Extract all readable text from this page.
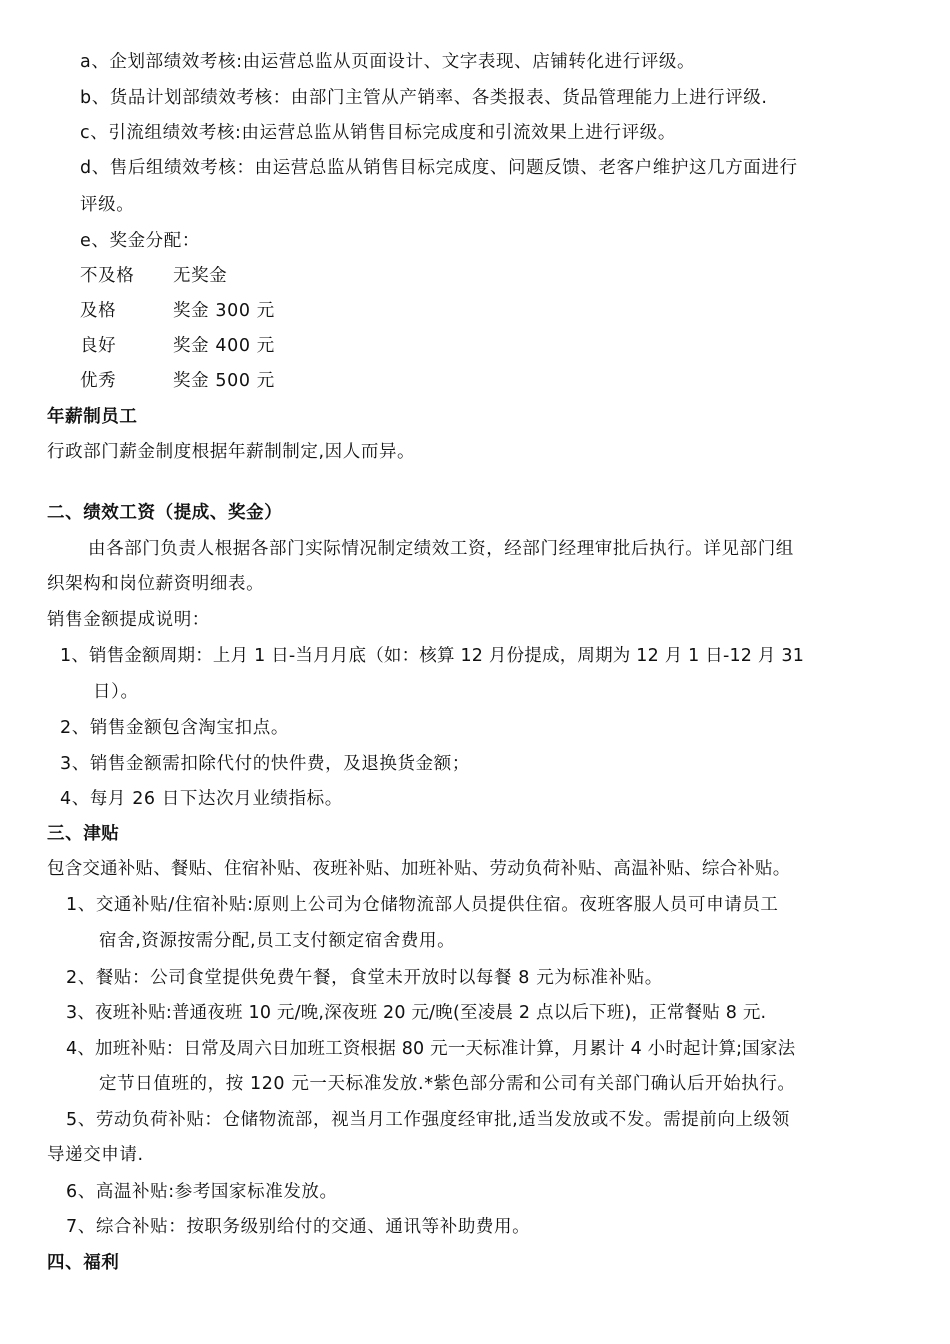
a、企划部绩效考核:由运营总监从页面设计、文字表现、店铺转化进行评级。
b、货品计划部绩效考核：由部门主管从产销率、各类报表、货品管理能力上进行评级.
c、引流组绩效考核:由运营总监从销售目标完成度和引流效果上进行评级。
d、售后组绩效考核：由运营总监从销售目标完成度、问题反馈、老客户维护这几方面进行
评级。
e、奖金分配：
不及格 无奖金
及格	奖金 300 元
良好	奖金 400 元
优秀	奖金 500 元
年薪制员工
行政部门薪金制度根据年薪制制定,因人而异。
二、绩效工资（提成、奖金）
由各部门负责人根据各部门实际情况制定绩效工资，经部门经理审批后执行。详见部门组
织架构和岗位薪资明细表。
销售金额提成说明：
1、销售金额周期：上月 1 日-当月月底（如：核算 12 月份提成，周期为 12 月 1 日-12 月 31
日）。
2、销售金额包含淘宝扣点。
3、销售金额需扣除代付的快件费，及退换货金额；
4、每月 26 日下达次月业绩指标。
三、津贴
包含交通补贴、餐贴、住宿补贴、夜班补贴、加班补贴、劳动负荷补贴、高温补贴、综合补贴。
1、交通补贴/住宿补贴:原则上公司为仓储物流部人员提供住宿。夜班客服人员可申请员工
宿舍,资源按需分配,员工支付额定宿舍费用。
2、餐贴：公司食堂提供免费午餐，食堂未开放时以每餐 8 元为标准补贴。
3、夜班补贴:普通夜班 10 元/晚,深夜班 20 元/晚(至凌晨 2 点以后下班)，正常餐贴 8 元.
4、加班补贴：日常及周六日加班工资根据 80 元一天标准计算，月累计 4 小时起计算;国家法
定节日值班的，按 120 元一天标准发放.*紫色部分需和公司有关部门确认后开始执行。
5、劳动负荷补贴：仓储物流部，视当月工作强度经审批,适当发放或不发。需提前向上级领
导递交申请.
6、高温补贴:参考国家标准发放。
7、综合补贴：按职务级别给付的交通、通讯等补助费用。
四、福利
